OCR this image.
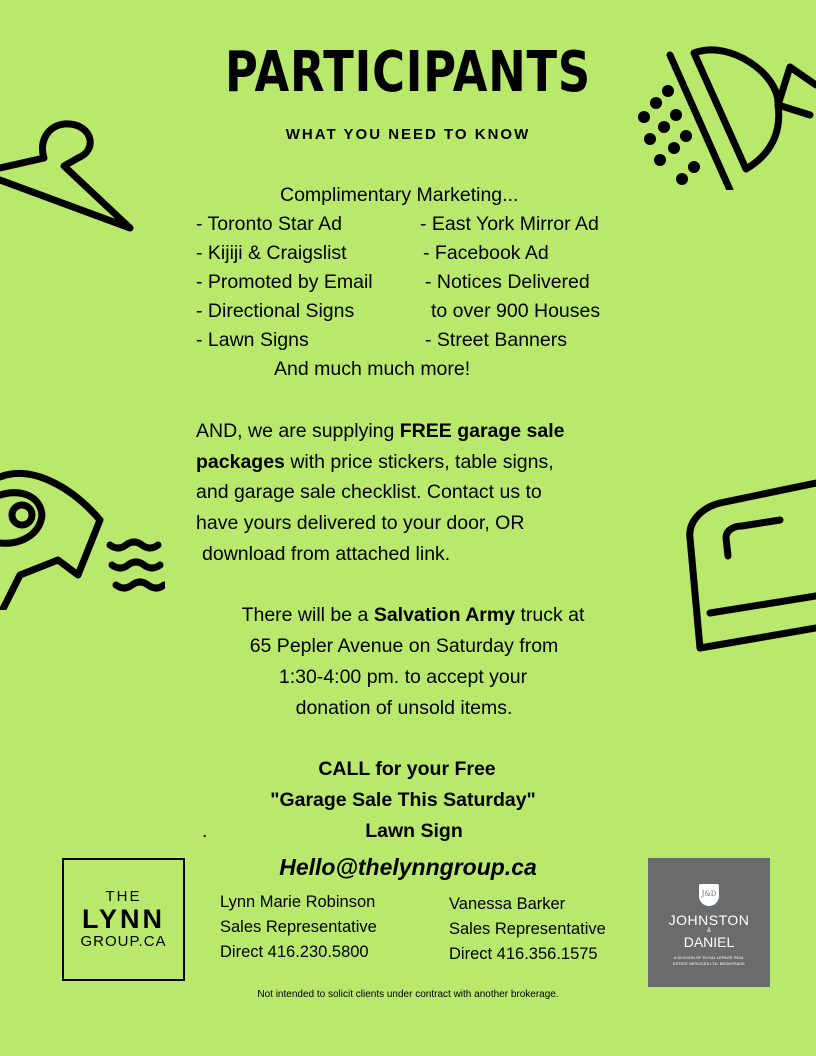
PARTICIPANTS
WHAT YOU NEED TO KNOW
Complimentary Marketing...
- Toronto Star Ad
- Kijiji & Craigslist
- Promoted by Email
- Directional Signs
- Lawn Signs
- East York Mirror Ad
- Facebook Ad
- Notices Delivered
to over 900 Houses
- Street Banners
And much much more!
AND, we are supplying FREE garage sale
packages with price stickers, table signs,
and garage sale checklist. Contact us to
have yours delivered to your door, OR
download from attached link.
There will be a Salvation Army truck at
65 Pepler Avenue on Saturday from
1:30-4:00 pm. to accept your
donation of unsold items.
CALL for your Free
"Garage Sale This Saturday"
.	Lawn Sign
Hello@thelynngroup.ca
THE
LYNN
GROUP.CA
Lynn Marie Robinson
Sales Representative
Direct 416.230.5800
Vanessa Barker
Sales Representative
Direct 416.356.1575
J&D
JOHNSTON
&
DANIEL
A DIVISION OF ROYAL LEPAGE REAL ESTATE SERVICES LTD. BROKERAGE
Not intended to solicit clients under contract with another brokerage.
